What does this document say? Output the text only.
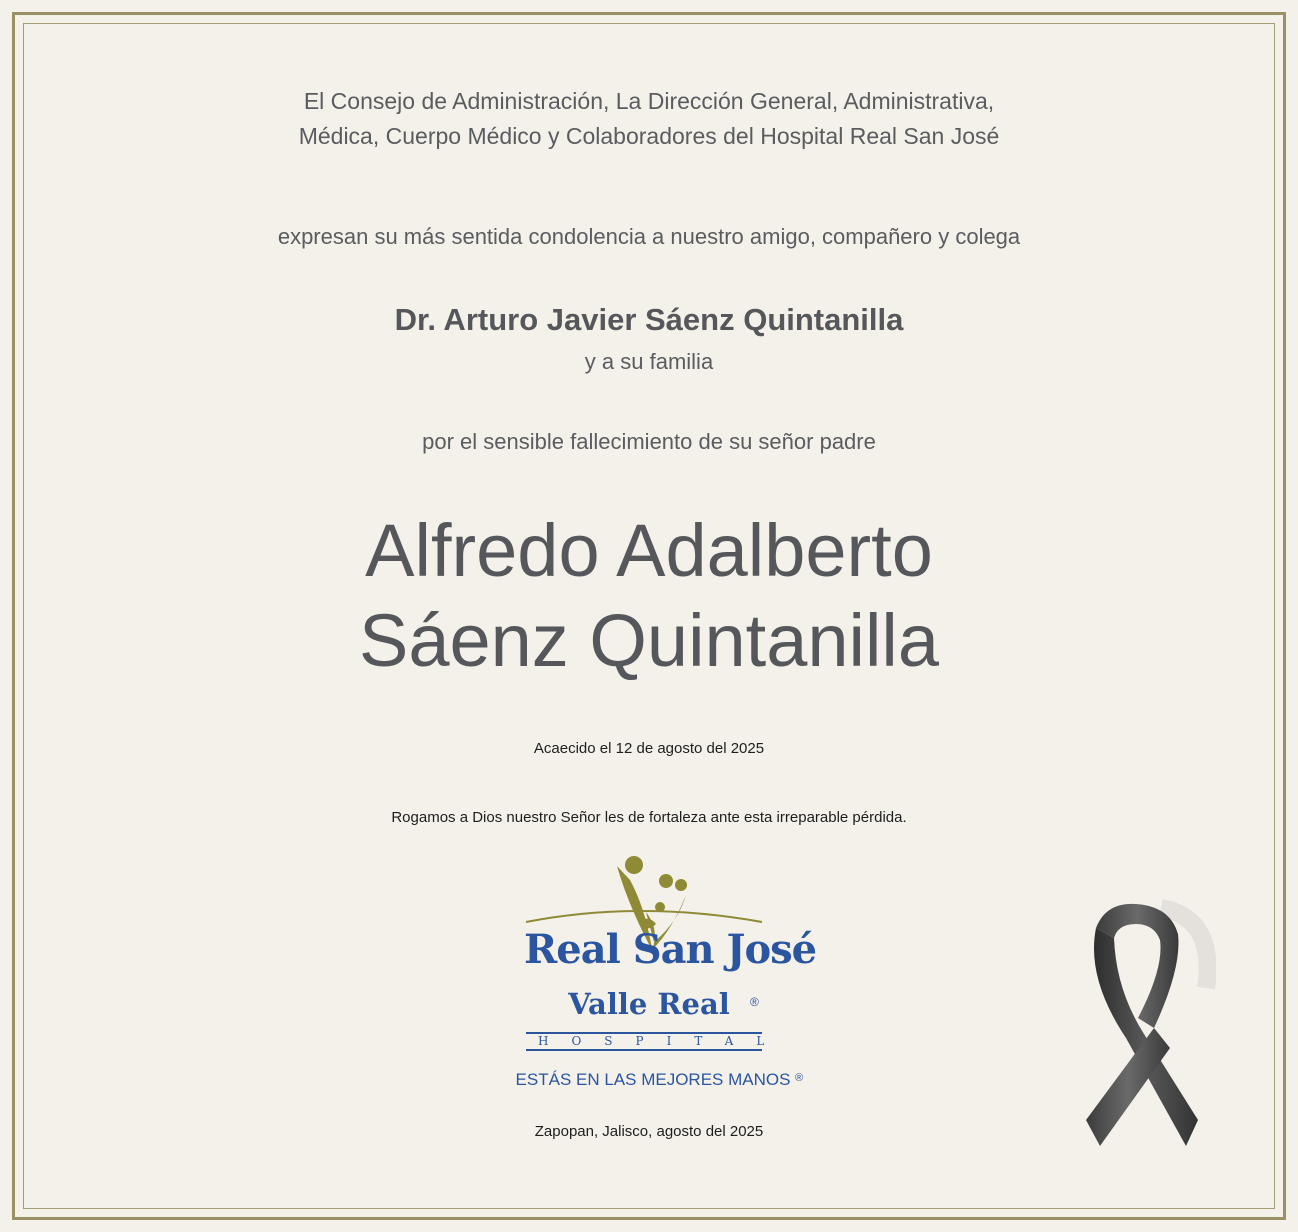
El Consejo de Administración, La Dirección General, Administrativa,
Médica, Cuerpo Médico y Colaboradores del Hospital Real San José
expresan su más sentida condolencia a nuestro amigo, compañero y colega
Dr. Arturo Javier Sáenz Quintanilla
y a su familia
por el sensible fallecimiento de su señor padre
Alfredo Adalberto
Sáenz Quintanilla
Acaecido el 12 de agosto del 2025
Rogamos a Dios nuestro Señor les de fortaleza ante esta irreparable pérdida.
Real San José
Valle Real	®
HOSPITAL
ESTÁS EN LAS MEJORES MANOS ®
Zapopan, Jalisco, agosto del 2025
